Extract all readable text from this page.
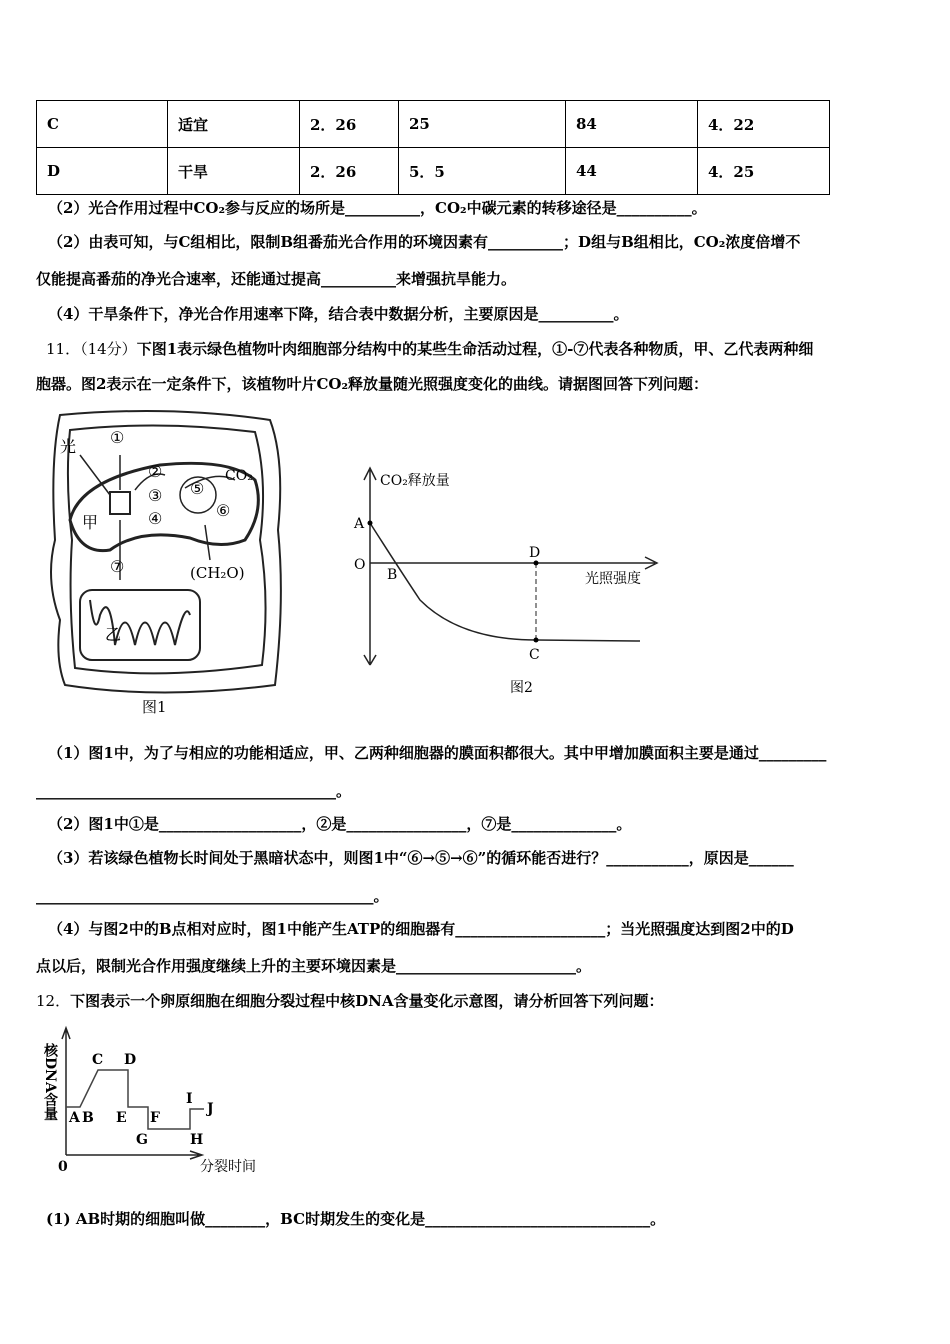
C	适宜	2．26	25	84	4．22
D	干旱	2．26	5．5	44	4．25
（2）光合作用过程中CO₂参与反应的场所是__________，CO₂中碳元素的转移途径是__________。
（2）由表可知，与C组相比，限制B组番茄光合作用的环境因素有__________；D组与B组相比，CO₂浓度倍增不
仅能提高番茄的净光合速率，还能通过提高__________来增强抗旱能力。
（4）干旱条件下，净光合作用速率下降，结合表中数据分析，主要原因是__________。
11．（14分）下图1表示绿色植物叶肉细胞部分结构中的某些生命活动过程，①-⑦代表各种物质，甲、乙代表两种细
胞器。图2表示在一定条件下，该植物叶片CO₂释放量随光照强度变化的曲线。请据图回答下列问题：
①
光
②
③
④
⑤
⑥
⑦
CO₂
甲
乙
(CH₂O)
图1
CO₂释放量
光照强度
A
O
B
D
C
图2
（1）图1中，为了与相应的功能相适应，甲、乙两种细胞器的膜面积都很大。其中甲增加膜面积主要是通过_________
________________________________________。
（2）图1中①是___________________，②是________________，⑦是______________。
（3）若该绿色植物长时间处于黑暗状态中，则图1中“⑥→⑤→⑥”的循环能否进行？___________，原因是______
_____________________________________________。
（4）与图2中的B点相对应时，图1中能产生ATP的细胞器有____________________；当光照强度达到图2中的D
点以后，限制光合作用强度继续上升的主要环境因素是________________________。
12．下图表示一个卵原细胞在细胞分裂过程中核DNA含量变化示意图，请分析回答下列问题：
核DNA含量
0	分裂时间
A B
C D
E F
G	H
I
J
(1) AB时期的细胞叫做________，BC时期发生的变化是______________________________。
